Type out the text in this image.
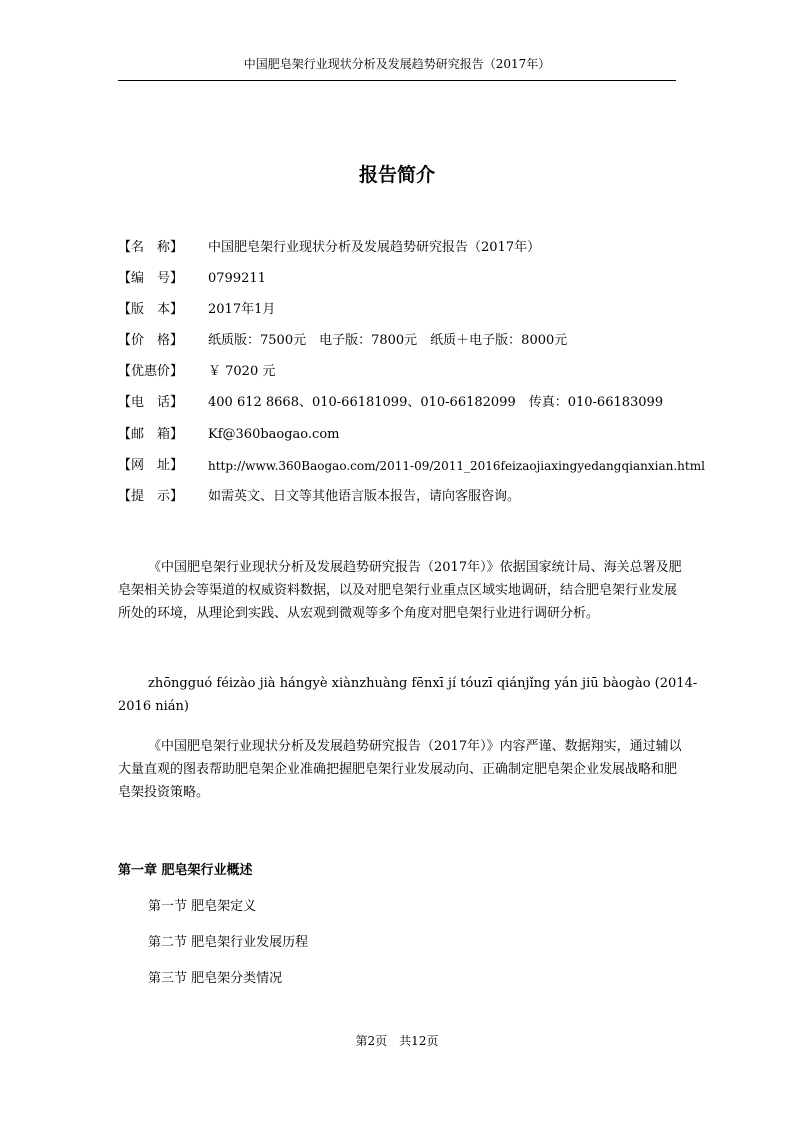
中国肥皂架行业现状分析及发展趋势研究报告（2017年）
报告简介
【名　称】 中国肥皂架行业现状分析及发展趋势研究报告（2017年）
【编　号】 0799211
【版　本】 2017年1月
【价　格】 纸质版：7500元　电子版：7800元　纸质＋电子版：8000元
【优惠价】 ￥ 7020 元
【电　话】 400 612 8668、010-66181099、010-66182099　传真：010-66183099
【邮　箱】 Kf@360baogao.com
【网　址】 http://www.360Baogao.com/2011-09/2011_2016feizaojiaxingyedangqianxian.html
【提　示】 如需英文、日文等其他语言版本报告，请向客服咨询。

《中国肥皂架行业现状分析及发展趋势研究报告（2017年）》依据国家统计局、海关总署及肥皂架相关协会等渠道的权威资料数据，以及对肥皂架行业重点区域实地调研，结合肥皂架行业发展所处的环境，从理论到实践、从宏观到微观等多个角度对肥皂架行业进行调研分析。

zhōngguó féizào jià hángyè xiànzhuàng fēnxī jí tóuzī qiánjǐng yán jiū bàogào (2014-2016 nián)

《中国肥皂架行业现状分析及发展趋势研究报告（2017年）》内容严谨、数据翔实，通过辅以大量直观的图表帮助肥皂架企业准确把握肥皂架行业发展动向、正确制定肥皂架企业发展战略和肥皂架投资策略。

第一章 肥皂架行业概述
第一节 肥皂架定义
第二节 肥皂架行业发展历程
第三节 肥皂架分类情况
第2页　共12页
